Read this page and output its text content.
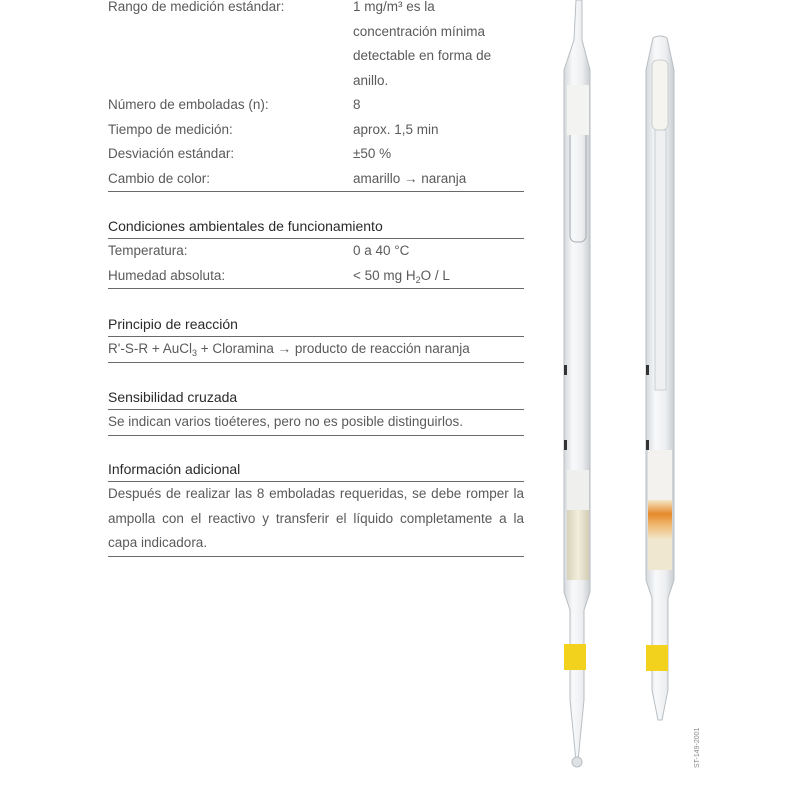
Rango de medición estándar:	1 mg/m³ es la concentración mínima detectable en forma de anillo.
Número de emboladas (n):	8
Tiempo de medición:	aprox. 1,5 min
Desviación estándar:	±50 %
Cambio de color:	amarillo → naranja
Condiciones ambientales de funcionamiento
Temperatura:	0 a 40 °C
Humedad absoluta:	< 50 mg $H_2O$ / L
Principio de reacción
R'-S-R + AuCl$_3$ + Cloramina → producto de reacción naranja
Sensibilidad cruzada
Se indican varios tioéteres, pero no es posible distinguirlos.
Información adicional
Después de realizar las 8 emboladas requeridas, se debe romper la ampolla con el reactivo y transferir el líquido completamente a la capa indicadora.
ST-149-2001
